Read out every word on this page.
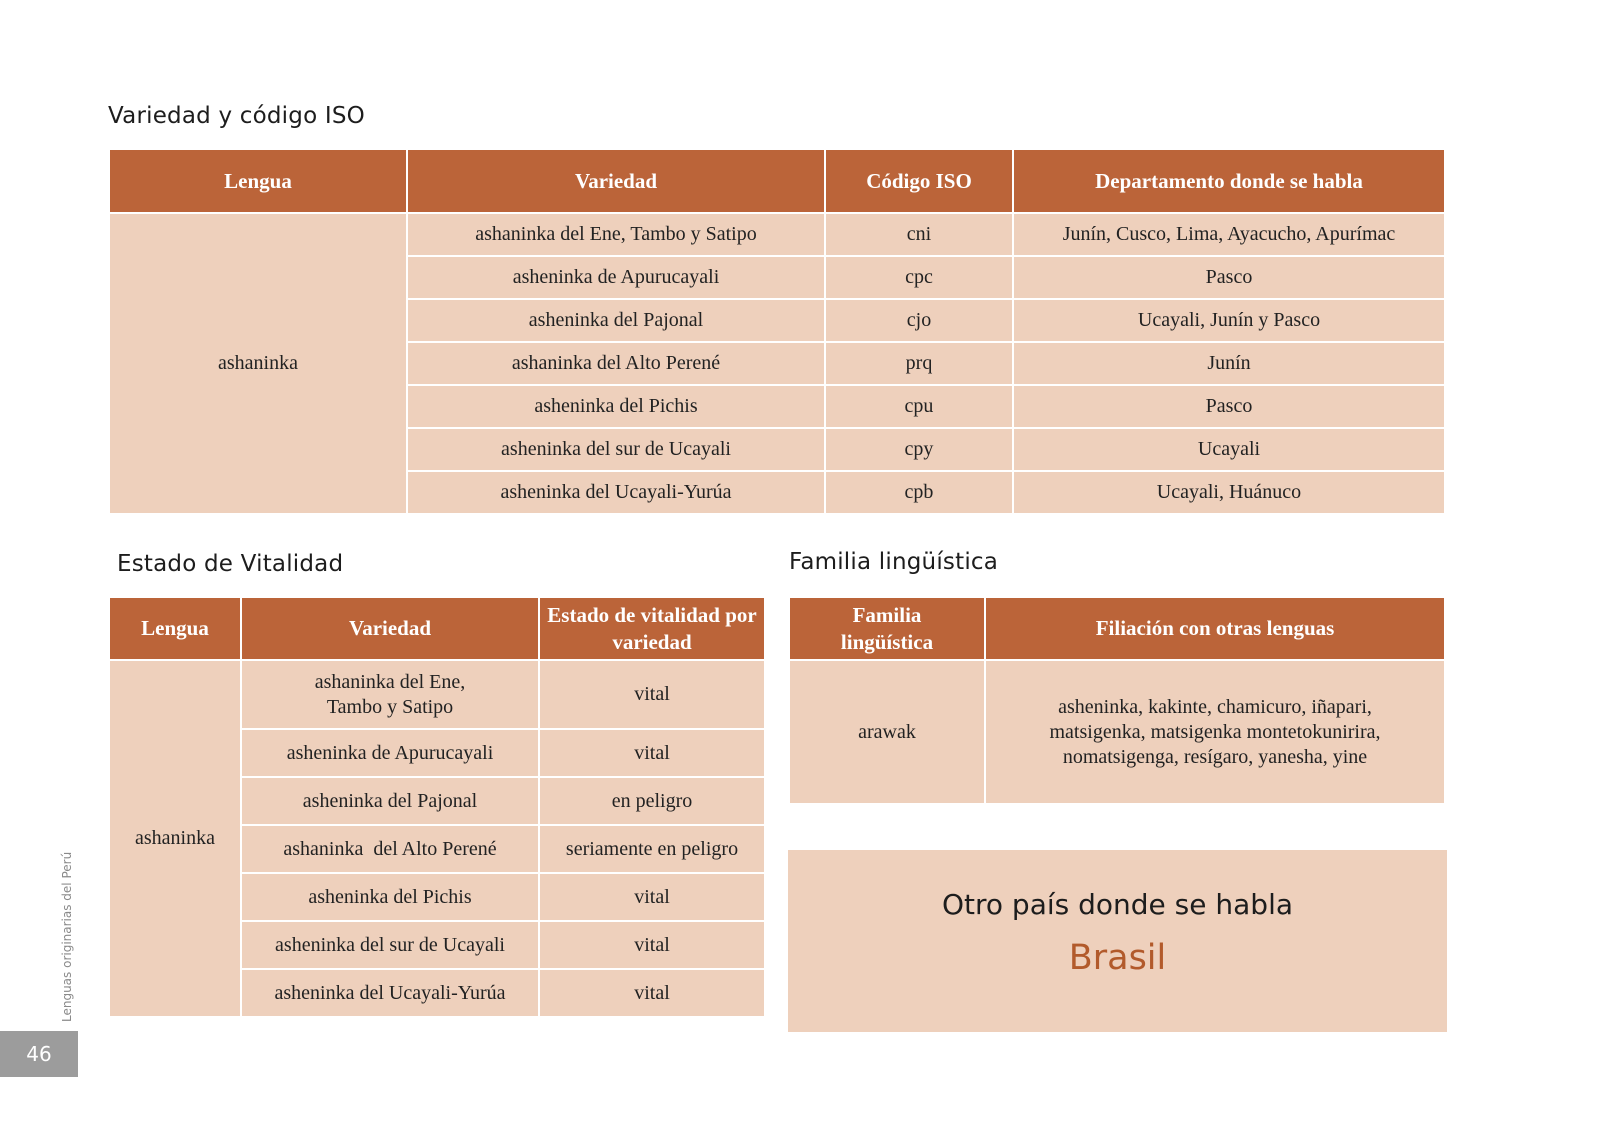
Variedad y código ISO
Lengua	Variedad	Código ISO	Departamento donde se habla
ashaninka	ashaninka del Ene, Tambo y Satipo	cni	Junín, Cusco, Lima, Ayacucho, Apurímac
	asheninka de Apurucayali	cpc	Pasco
	asheninka del Pajonal	cjo	Ucayali, Junín y Pasco
	ashaninka del Alto Perené	prq	Junín
	asheninka del Pichis	cpu	Pasco
	asheninka del sur de Ucayali	cpy	Ucayali
	asheninka del Ucayali-Yurúa	cpb	Ucayali, Huánuco
Estado de Vitalidad	Familia lingüística
Lengua	Variedad	Estado de vitalidad por variedad
ashaninka	ashaninka del Ene, Tambo y Satipo	vital
	asheninka de Apurucayali	vital
	asheninka del Pajonal	en peligro
	ashaninka  del Alto Perené	seriamente en peligro
	asheninka del Pichis	vital
	asheninka del sur de Ucayali	vital
	asheninka del Ucayali-Yurúa	vital
Familia lingüística	Filiación con otras lenguas
arawak	asheninka, kakinte, chamicuro, iñapari, matsigenka, matsigenka montetokunirira, nomatsigenga, resígaro, yanesha, yine
Otro país donde se habla
Brasil
Lenguas originarias del Perú
46
